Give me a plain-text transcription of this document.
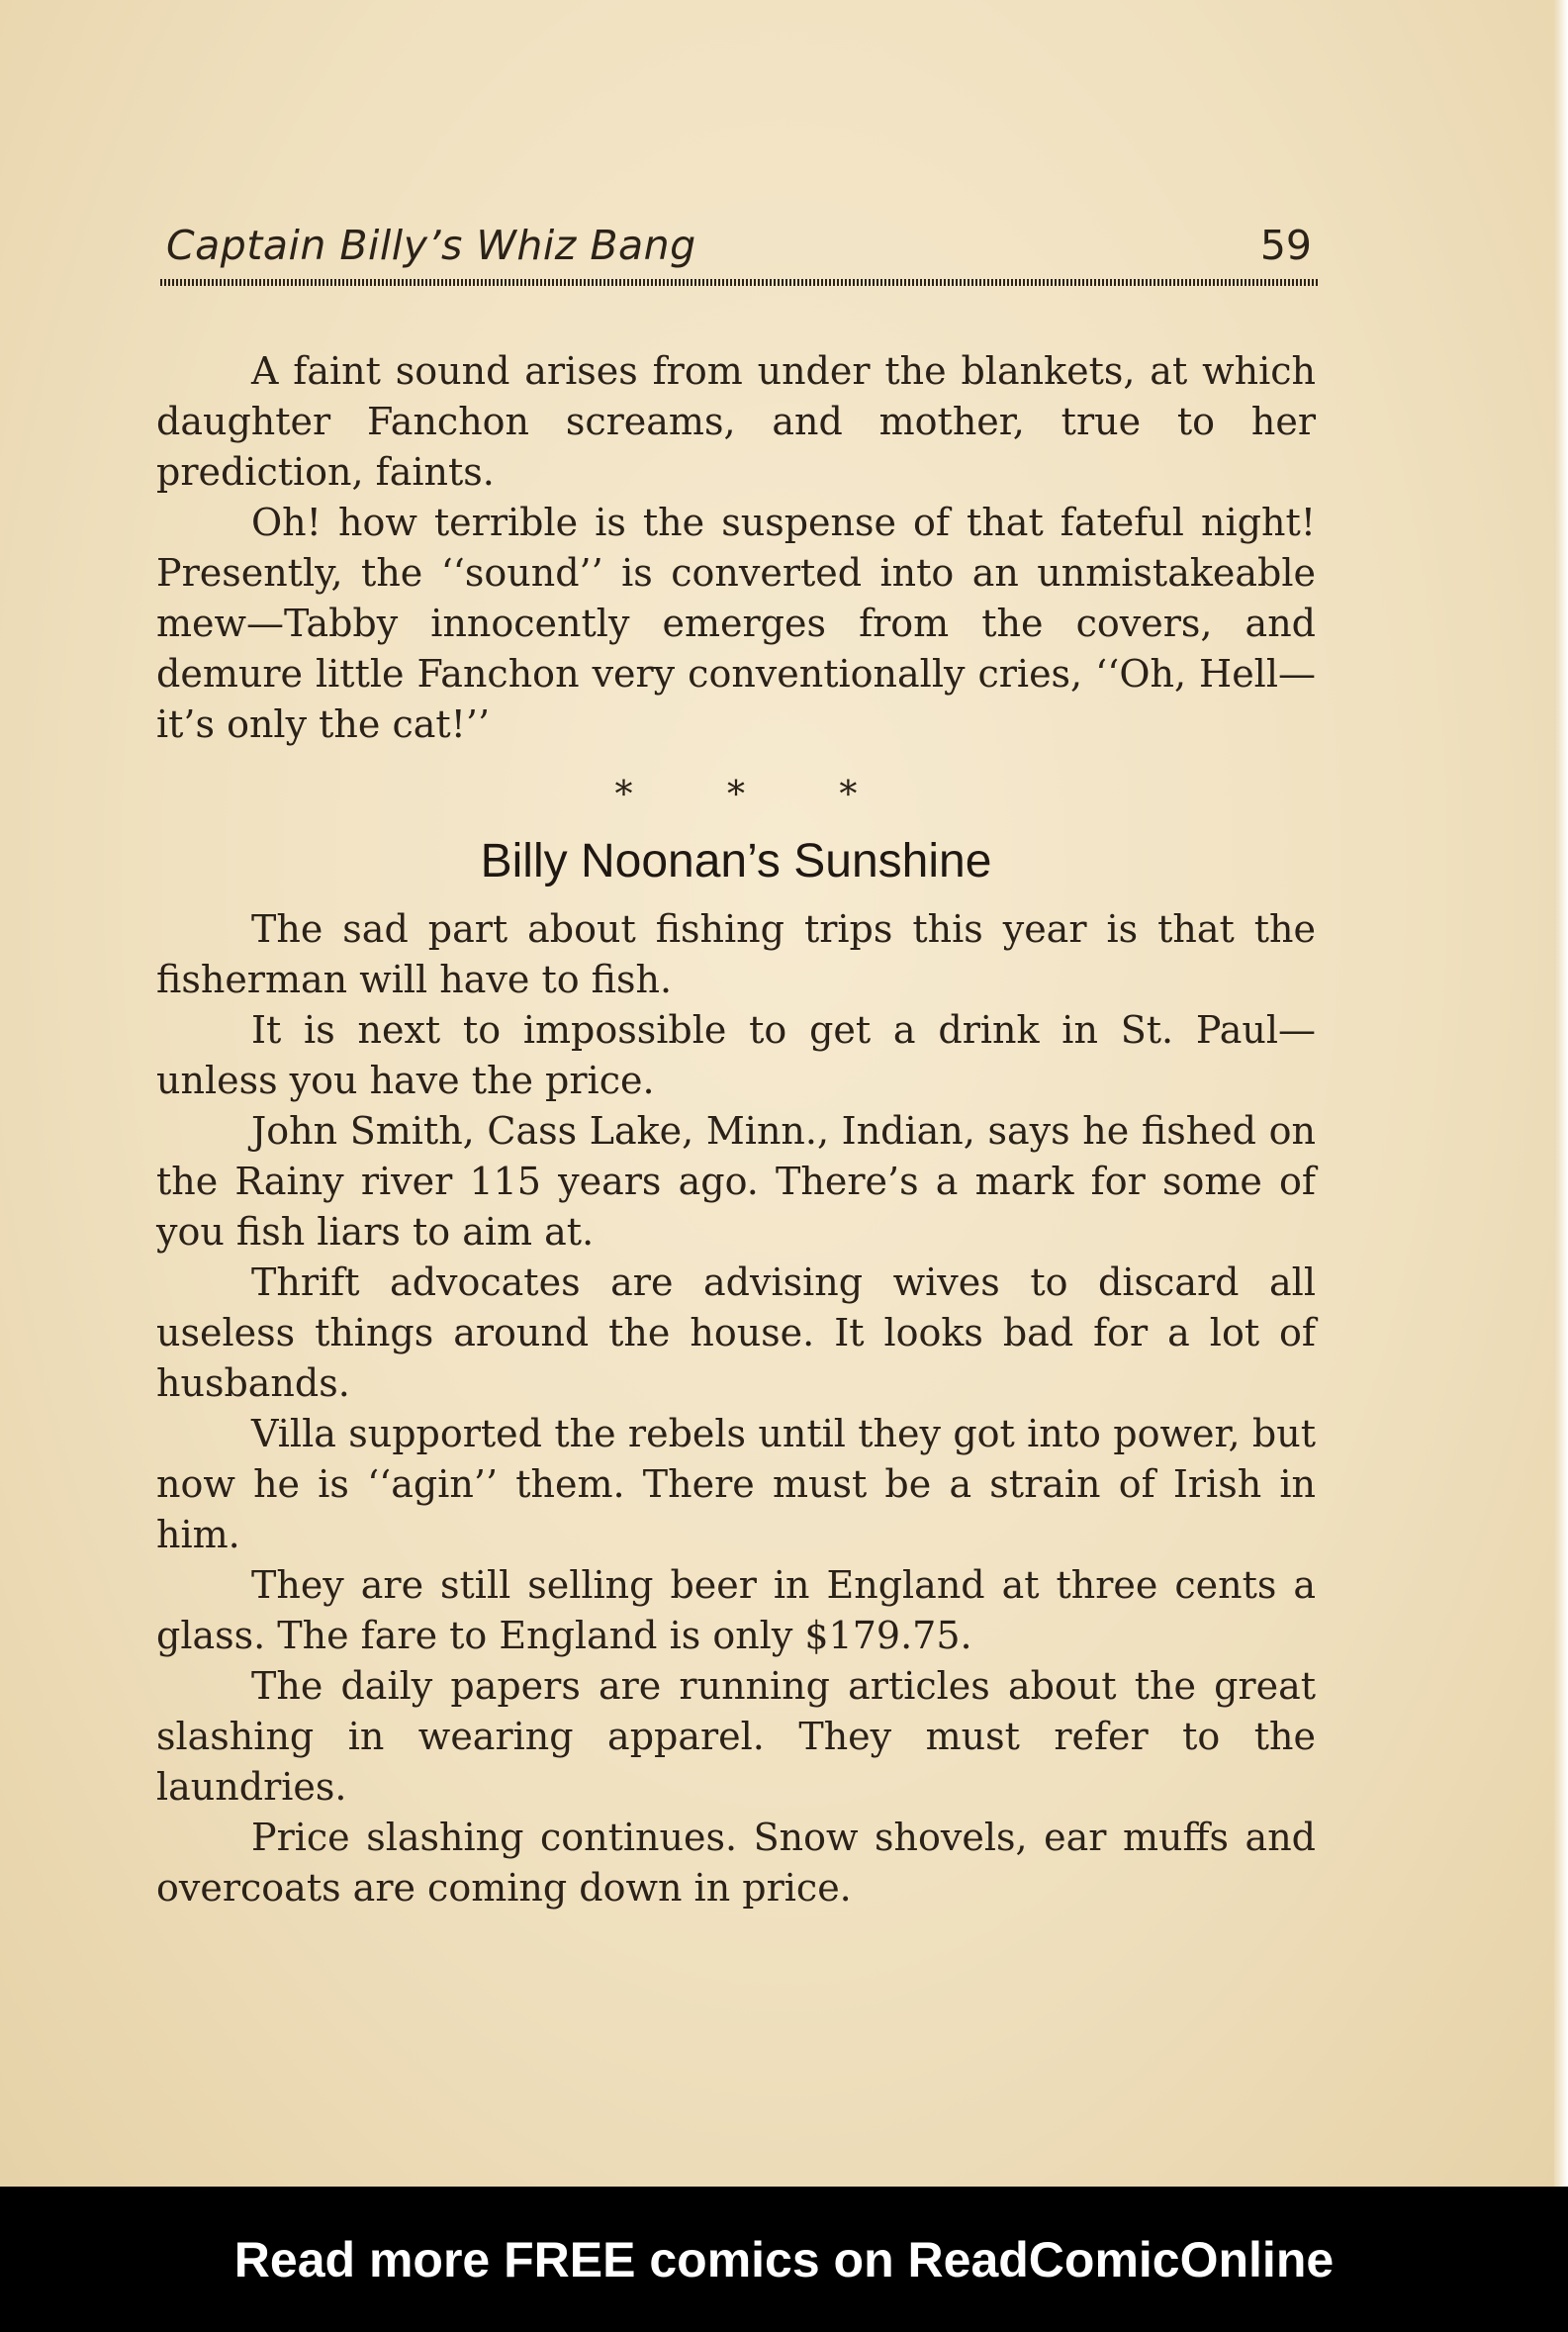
Captain Billy’s Whiz Bang	59

A faint sound arises from under the blankets, at which daughter Fanchon screams, and mother, true to her prediction, faints.

Oh! how terrible is the suspense of that fateful night! Presently, the ‘‘sound’’ is converted into an unmistakeable mew—Tabby innocently emerges from the covers, and demure little Fanchon very conventionally cries, ‘‘Oh, Hell—it’s only the cat!’’

* * *
Billy Noonan’s Sunshine

The sad part about fishing trips this year is that the fisherman will have to fish.

It is next to impossible to get a drink in St. Paul—unless you have the price.

John Smith, Cass Lake, Minn., Indian, says he fished on the Rainy river 115 years ago. There’s a mark for some of you fish liars to aim at.

Thrift advocates are advising wives to discard all useless things around the house. It looks bad for a lot of husbands.

Villa supported the rebels until they got into power, but now he is ‘‘agin’’ them. There must be a strain of Irish in him.

They are still selling beer in England at three cents a glass. The fare to England is only $179.75.

The daily papers are running articles about the great slashing in wearing apparel. They must refer to the laundries.

Price slashing continues. Snow shovels, ear muffs and overcoats are coming down in price.

Read more FREE comics on ReadComicOnline
